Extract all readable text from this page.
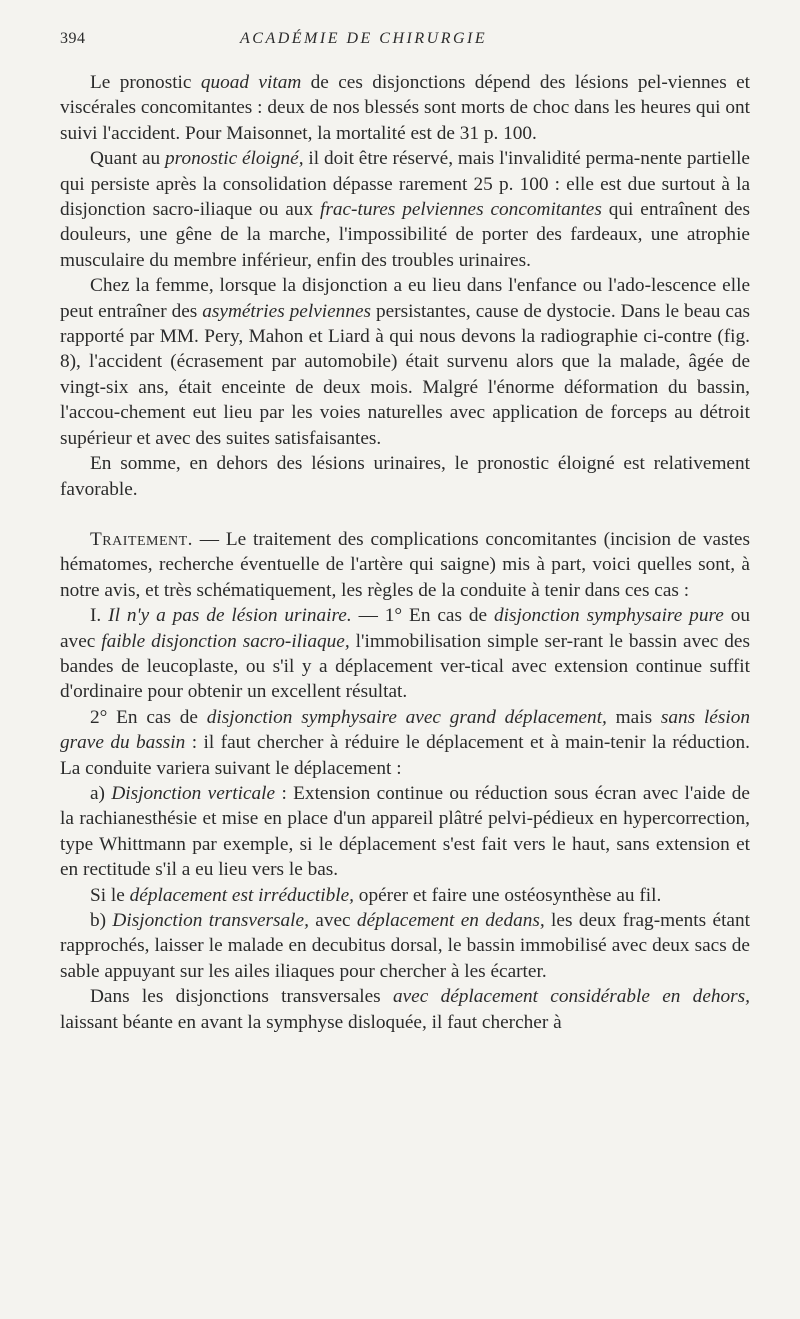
394	ACADÉMIE DE CHIRURGIE

Le pronostic quoad vitam de ces disjonctions dépend des lésions pel-viennes et viscérales concomitantes : deux de nos blessés sont morts de choc dans les heures qui ont suivi l'accident. Pour Maisonnet, la mortalité est de 31 p. 100.

Quant au pronostic éloigné, il doit être réservé, mais l'invalidité perma-nente partielle qui persiste après la consolidation dépasse rarement 25 p. 100 : elle est due surtout à la disjonction sacro-iliaque ou aux frac-tures pelviennes concomitantes qui entraînent des douleurs, une gêne de la marche, l'impossibilité de porter des fardeaux, une atrophie musculaire du membre inférieur, enfin des troubles urinaires.

Chez la femme, lorsque la disjonction a eu lieu dans l'enfance ou l'ado-lescence elle peut entraîner des asymétries pelviennes persistantes, cause de dystocie. Dans le beau cas rapporté par MM. Pery, Mahon et Liard à qui nous devons la radiographie ci-contre (fig. 8), l'accident (écrasement par automobile) était survenu alors que la malade, âgée de vingt-six ans, était enceinte de deux mois. Malgré l'énorme déformation du bassin, l'accou-chement eut lieu par les voies naturelles avec application de forceps au détroit supérieur et avec des suites satisfaisantes.

En somme, en dehors des lésions urinaires, le pronostic éloigné est relativement favorable.

Traitement. — Le traitement des complications concomitantes (incision de vastes hématomes, recherche éventuelle de l'artère qui saigne) mis à part, voici quelles sont, à notre avis, et très schématiquement, les règles de la conduite à tenir dans ces cas :

I. Il n'y a pas de lésion urinaire. — 1° En cas de disjonction symphysaire pure ou avec faible disjonction sacro-iliaque, l'immobilisation simple ser-rant le bassin avec des bandes de leucoplaste, ou s'il y a déplacement ver-tical avec extension continue suffit d'ordinaire pour obtenir un excellent résultat.

2° En cas de disjonction symphysaire avec grand déplacement, mais sans lésion grave du bassin : il faut chercher à réduire le déplacement et à main-tenir la réduction. La conduite variera suivant le déplacement :

a) Disjonction verticale : Extension continue ou réduction sous écran avec l'aide de la rachianesthésie et mise en place d'un appareil plâtré pelvi-pédieux en hypercorrection, type Whittmann par exemple, si le déplacement s'est fait vers le haut, sans extension et en rectitude s'il a eu lieu vers le bas.

Si le déplacement est irréductible, opérer et faire une ostéosynthèse au fil.

b) Disjonction transversale, avec déplacement en dedans, les deux frag-ments étant rapprochés, laisser le malade en decubitus dorsal, le bassin immobilisé avec deux sacs de sable appuyant sur les ailes iliaques pour chercher à les écarter.

Dans les disjonctions transversales avec déplacement considérable en dehors, laissant béante en avant la symphyse disloquée, il faut chercher à
